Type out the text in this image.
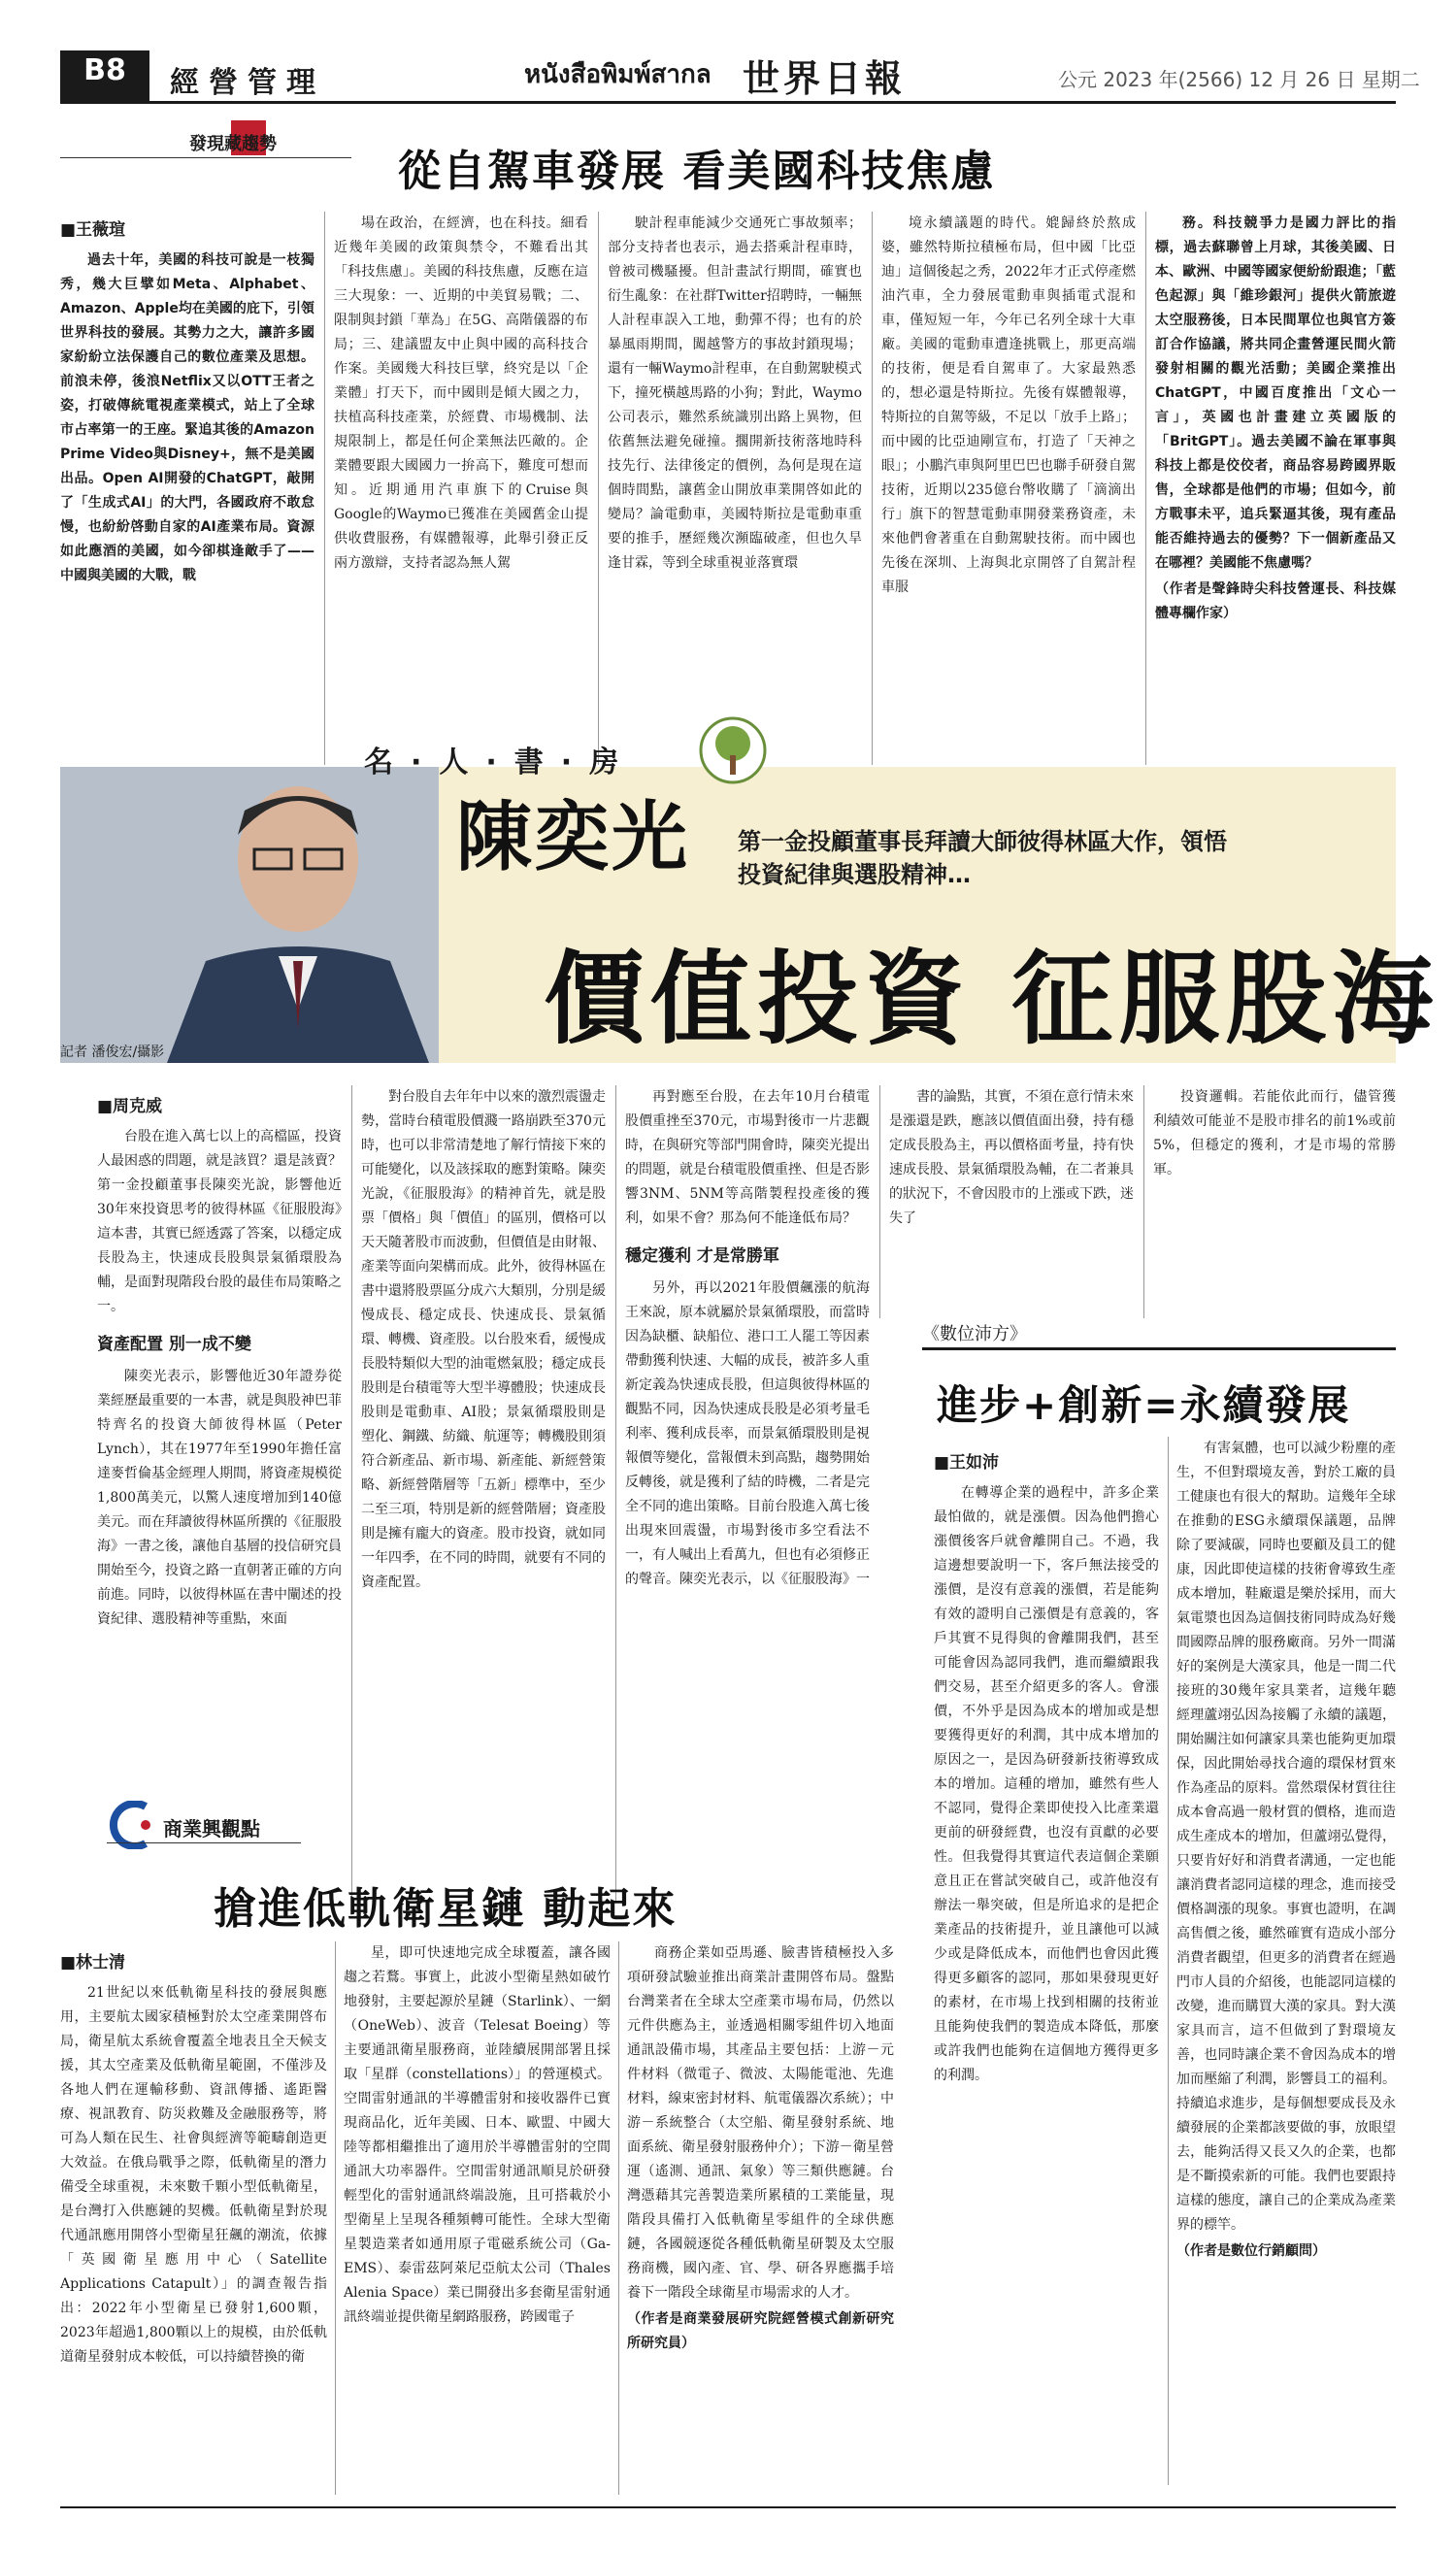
B8	經營管理	หนังสือพิมพ์สากล 世界日報	公元 2023 年(2566) 12 月 26 日 星期二
發現藏趨勢
從自駕車發展 看美國科技焦慮

■王薇瑄

過去十年，美國的科技可說是一枝獨秀，幾大巨擘如Meta、Alphabet、Amazon、Apple均在美國的庇下，引領世界科技的發展。其勢力之大，讓許多國家紛紛立法保護自己的數位產業及思想。前浪未停，後浪Netflix又以OTT王者之姿，打破傳統電視產業模式，站上了全球市占率第一的王座。緊追其後的Amazon Prime Video與Disney+，無不是美國出品。Open AI開發的ChatGPT，敲開了「生成式AI」的大門，各國政府不敢怠慢，也紛紛啓動自家的AI產業布局。資源如此應酒的美國，如今卻棋逢敵手了——中國與美國的大戰，戰

場在政治，在經濟，也在科技。細看近幾年美國的政策與禁令，不難看出其「科技焦慮」。美國的科技焦慮，反應在這三大現象：一、近期的中美貿易戰；二、限制與封鎖「華為」在5G、高階儀器的布局；三、建議盟友中止與中國的高科技合作案。美國幾大科技巨擘，終究是以「企業體」打天下，而中國則是傾大國之力，扶植高科技產業，於經費、市場機制、法規限制上，都是任何企業無法匹敵的。企業體要跟大國國力一拚高下，難度可想而知。近期通用汽車旗下的Cruise與Google的Waymo已獲准在美國舊金山提供收費服務，有媒體報導，此舉引發正反兩方激辯，支持者認為無人駕

駛計程車能減少交通死亡事故頻率；部分支持者也表示，過去搭乘計程車時，曾被司機騷擾。但計畫試行期間，確實也衍生亂象：在社群Twitter招聘時，一輛無人計程車誤入工地，動彈不得；也有的於暴風雨期間，闖越警方的事故封鎖現場；還有一輛Waymo計程車，在自動駕駛模式下，撞死橫越馬路的小狗；對此，Waymo公司表示，難然系統識別出路上異物，但依舊無法避免碰撞。擱開新技術落地時科技先行、法律後定的價例，為何是現在這個時間點，讓舊金山開放車業開啓如此的變局？論電動車，美國特斯拉是電動車重要的推手，歷經幾次瀕臨破產，但也久旱逢甘霖，等到全球重視並落實環

境永續議題的時代。媲歸終於熬成婆，雖然特斯拉積極布局，但中國「比亞迪」這個後起之秀，2022年才正式停產燃油汽車，全力發展電動車與插電式混和車，僅短短一年，今年已名列全球十大車廠。美國的電動車遭逢挑戰上，那更高端的技術，便是看自駕車了。大家最熟悉的，想必還是特斯拉。先後有媒體報導，特斯拉的自駕等級，不足以「放手上路」；而中國的比亞迪剛宣布，打造了「天神之眼」；小鵬汽車與阿里巴巴也聯手研發自駕技術，近期以235億台幣收購了「滴滴出行」旗下的智慧電動車開發業務資產，未來他們會著重在自動駕駛技術。而中國也先後在深圳、上海與北京開啓了自駕計程車服

務。科技競爭力是國力評比的指標，過去蘇聯曾上月球，其後美國、日本、歐洲、中國等國家便紛紛跟進；「藍色起源」與「維珍銀河」提供火箭旅遊太空服務後，日本民間單位也與官方簽訂合作協議，將共同企畫營運民間火箭發射相關的觀光活動；美國企業推出ChatGPT，中國百度推出「文心一言」，英國也計畫建立英國版的「BritGPT」。過去美國不論在軍事與科技上都是佼佼者，商品容易跨國界販售，全球都是他們的市場；但如今，前方戰事未平，追兵緊逼其後，現有產品能否維持過去的優勢？下一個新產品又在哪裡？美國能不焦慮嗎？

（作者是聲鋒時尖科技營運長、科技媒體專欄作家）

記者 潘俊宏/攝影
名·人·書·房
陳奕光 第一金投顧董事長拜讀大師彼得林區大作，領悟投資紀律與選股精神…
價值投資 征服股海

■周克威

台股在進入萬七以上的高檔區，投資人最困惑的問題，就是該買？還是該賣？第一金投顧董事長陳奕光說，影響他近30年來投資思考的彼得林區《征服股海》這本書，其實已經透露了答案，以穩定成長股為主，快速成長股與景氣循環股為輔，是面對現階段台股的最佳布局策略之一。

資產配置 別一成不變

陳奕光表示，影響他近30年證券從業經歷最重要的一本書，就是與股神巴菲特齊名的投資大師彼得林區（Peter Lynch），其在1977年至1990年擔任富達麥哲倫基金經理人期間，將資產規模從1,800萬美元，以驚人速度增加到140億美元。而在拜讀彼得林區所撰的《征服股海》一書之後，讓他自基層的投信研究員開始至今，投資之路一直朝著正確的方向前進。同時，以彼得林區在書中闡述的投資紀律、選股精神等重點，來面

對台股自去年年中以來的激烈震盪走勢，當時台積電股價濺一路崩跌至370元時，也可以非常清楚地了解行情接下來的可能變化，以及該採取的應對策略。陳奕光說，《征服股海》的精神首先，就是股票「價格」與「價值」的區別，價格可以天天隨著股市而波動，但價值是由財報、產業等面向架構而成。此外，彼得林區在書中還將股票區分成六大類別，分別是緩慢成長、穩定成長、快速成長、景氣循環、轉機、資產股。以台股來看，緩慢成長股特類似大型的油電燃氣股；穩定成長股則是台積電等大型半導體股；快速成長股則是電動車、AI股；景氣循環股則是塑化、鋼鐵、紡織、航運等；轉機股則須符合新產品、新市場、新產能、新經營策略、新經營階層等「五新」標準中，至少二至三項，特別是新的經營階層；資產股則是擁有龐大的資產。股市投資，就如同一年四季，在不同的時間，就要有不同的資產配置。

再對應至台股，在去年10月台積電股價重挫至370元，市場對後市一片悲觀時，在與研究等部門開會時，陳奕光提出的問題，就是台積電股價重挫、但是否影響3NM、5NM等高階製程投產後的獲利，如果不會？那為何不能逢低布局？

穩定獲利 才是常勝軍

另外，再以2021年股價飆漲的航海王來說，原本就屬於景氣循環股，而當時因為缺櫃、缺船位、港口工人罷工等因素帶動獲利快速、大幅的成長，被許多人重新定義為快速成長股，但這與彼得林區的觀點不同，因為快速成長股是必須考量毛利率、獲利成長率，而景氣循環股則是視報價等變化，當報價未到高點，趨勢開始反轉後，就是獲利了結的時機，二者是完全不同的進出策略。目前台股進入萬七後出現來回震盪，市場對後市多空看法不一，有人喊出上看萬九，但也有必須修正的聲音。陳奕光表示，以《征服股海》一

書的論點，其實，不須在意行情未來是漲還是跌，應該以價值面出發，持有穩定成長股為主，再以價格面考量，持有快速成長股、景氣循環股為輔，在二者兼具的狀況下，不會因股市的上漲或下跌，迷失了

投資邏輯。若能依此而行，儘管獲利績效可能並不是股市排名的前1%或前5%，但穩定的獲利，才是市場的常勝軍。

《數位沛方》
進步+創新=永續發展

■王如沛

在轉導企業的過程中，許多企業最怕做的，就是漲價。因為他們擔心漲價後客戶就會離開自己。不過，我這邊想要說明一下，客戶無法接受的漲價，是沒有意義的漲價，若是能夠有效的證明自己漲價是有意義的，客戶其實不見得與的會離開我們，甚至可能會因為認同我們，進而繼續跟我們交易，甚至介紹更多的客人。會漲價，不外乎是因為成本的增加或是想要獲得更好的利潤，其中成本增加的原因之一，是因為研發新技術導致成本的增加。這種的增加，雖然有些人不認同，覺得企業即使投入比產業還更前的研發經費，也沒有貢獻的必要性。但我覺得其實這代表這個企業願意且正在嘗試突破自己，或許他沒有辦法一舉突破，但是所追求的是把企業產品的技術提升，並且讓他可以減少或是降低成本，而他們也會因此獲得更多顧客的認同，那如果發現更好的素材，在市場上找到相關的技術並且能夠使我們的製造成本降低，那麼或許我們也能夠在這個地方獲得更多的利潤。

有害氣體，也可以減少粉塵的產生，不但對環境友善，對於工廠的員工健康也有很大的幫助。這幾年全球在推動的ESG永續環保議題，品牌除了要減碳，同時也要顧及員工的健康，因此即使這樣的技術會導致生產成本增加，鞋廠還是樂於採用，而大氣電漿也因為這個技術同時成為好幾間國際品牌的服務廠商。另外一間滿好的案例是大漢家具，他是一間二代接班的30幾年家具業者，這幾年聽經理蘆翊弘因為接觸了永續的議題，開始關注如何讓家具業也能夠更加環保，因此開始尋找合適的環保材質來作為產品的原料。當然環保材質往往成本會高過一般材質的價格，進而造成生產成本的增加，但蘆翊弘覺得，只要肯好好和消費者溝通，一定也能讓消費者認同這樣的理念，進而接受價格調漲的現象。事實也證明，在調高售價之後，雖然確實有造成小部分消費者觀望，但更多的消費者在經過門市人員的介紹後，也能認同這樣的改變，進而購買大漢的家具。對大漢家具而言，這不但做到了對環境友善，也同時讓企業不會因為成本的增加而壓縮了利潤，影響員工的福利。持續追求進步，是每個想要成長及永續發展的企業都該要做的事，放眼望去，能夠活得又長又久的企業，也都是不斷摸索新的可能。我們也要跟持這樣的態度，讓自己的企業成為產業界的標竿。

（作者是數位行銷顧問）

商業興觀點
搶進低軌衛星鏈 動起來

■林士清

21世紀以來低軌衛星科技的發展與應用，主要航太國家積極對於太空產業開啓布局，衛星航太系統會覆蓋全地表且全天候支援，其太空產業及低軌衛星範圍，不僅涉及各地人們在運輸移動、資訊傳播、遙距醫療、視訊教育、防災救難及金融服務等，將可為人類在民生、社會與經濟等範疇創造更大效益。在俄烏戰爭之際，低軌衛星的潛力備受全球重視，未來數千顆小型低軌衛星，是台灣打入供應鏈的契機。低軌衛星對於現代通訊應用開啓小型衛星狂飆的潮流，依據「英國衛星應用中心（Satellite Applications Catapult）」的調查報告指出：2022年小型衛星已發射1,600顆，2023年超過1,800顆以上的規模，由於低軌道衛星發射成本較低，可以持續替換的衛

星，即可快速地完成全球覆蓋，讓各國趨之若鶩。事實上，此波小型衛星熱如破竹地發射，主要起源於星鏈（Starlink）、一網（OneWeb）、波音（Telesat Boeing）等主要通訊衛星服務商，並陸續展開部署且採取「星群（constellations）」的營運模式。空間雷射通訊的半導體雷射和接收器件已實現商品化，近年美國、日本、歐盟、中國大陸等都相繼推出了適用於半導體雷射的空間通訊大功率器件。空間雷射通訊順見於研發輕型化的雷射通訊終端設施，且可搭載於小型衛星上呈現各種頻轉可能性。全球大型衛星製造業者如通用原子電磁系統公司（Ga-EMS）、泰雷茲阿萊尼亞航太公司（Thales Alenia Space）業已開發出多套衛星雷射通訊終端並提供衛星網路服務，跨國電子

商務企業如亞馬遜、臉書皆積極投入多項研發試驗並推出商業計畫開啓布局。盤點台灣業者在全球太空產業市場布局，仍然以元件供應為主，並透過相關零組件切入地面通訊設備市場，其產品主要包括：上游－元件材料（微電子、微波、太陽能電池、先進材料，線束密封材料、航電儀器次系統）；中游－系統整合（太空船、衛星發射系統、地面系統、衛星發射服務仲介）；下游－衛星營運（遙測、通訊、氣象）等三類供應鏈。台灣憑藉其完善製造業所累積的工業能量，現階段具備打入低軌衛星零組件的全球供應鏈，各國競逐從各種低軌衛星研製及太空服務商機，國內產、官、學、研各界應攜手培養下一階段全球衛星市場需求的人才。

（作者是商業發展研究院經營模式創新研究所研究員）
